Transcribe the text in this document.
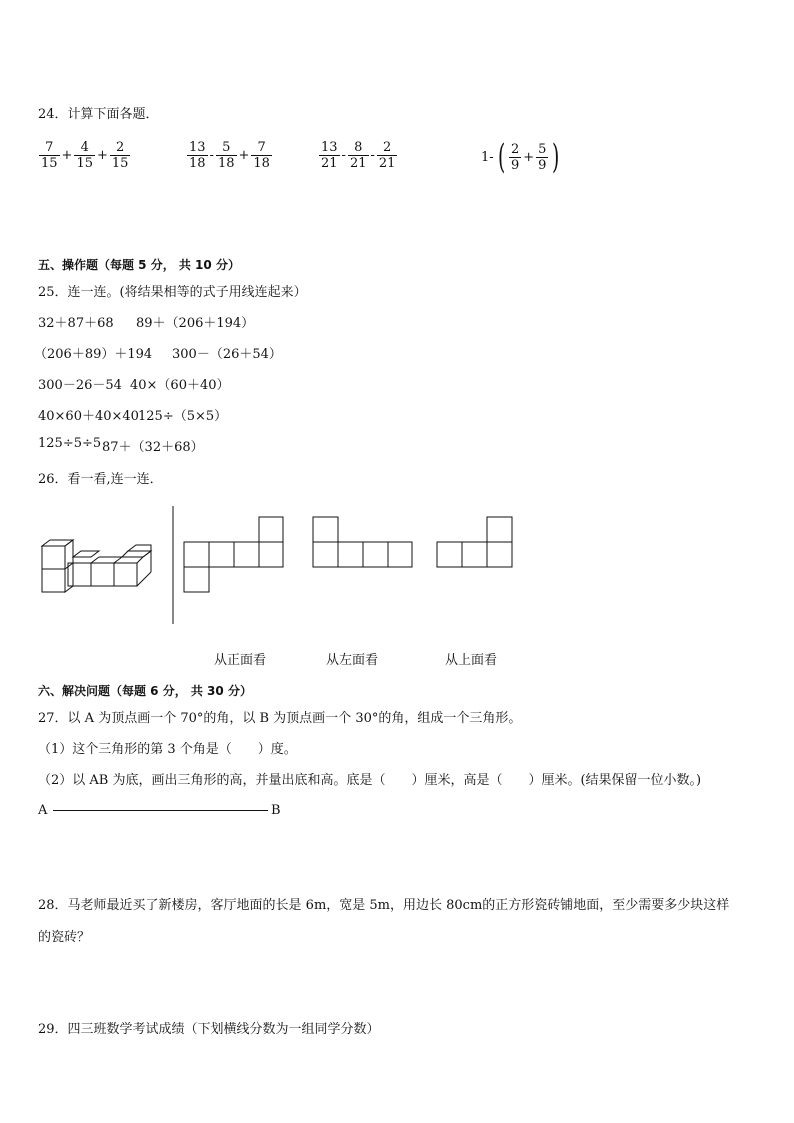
24．计算下面各题．
$\frac{7}{15} + \frac{4}{15} + \frac{2}{15}$	$\frac{13}{18} - \frac{5}{18} + \frac{7}{18}$	$\frac{13}{21} - \frac{8}{21} - \frac{2}{21}$	1- ( $\frac{2}{9} + \frac{5}{9}$ )
五、操作题（每题 5 分， 共 10 分）
25．连一连。(将结果相等的式子用线连起来）
32＋87＋68 89＋（206＋194）
（206＋89）＋194 300－（26＋54）
300－26－54 40×（60＋40）
40×60＋40×40 125÷（5×5）
125÷5÷5 87＋（32＋68）
26．看一看,连一连．
从正面看	从左面看	从上面看
六、解决问题（每题 6 分， 共 30 分）
27．以 A 为顶点画一个 70°的角，以 B 为顶点画一个 30°的角，组成一个三角形。
（1）这个三角形的第 3 个角是（　　）度。
（2）以 AB 为底，画出三角形的高，并量出底和高。底是（　　）厘米，高是（　　）厘米。(结果保留一位小数。)
A	B
28．马老师最近买了新楼房，客厅地面的长是 6m，宽是 5m，用边长 80cm的正方形瓷砖铺地面，至少需要多少块这样
的瓷砖？
29．四三班数学考试成绩（下划横线分数为一组同学分数）
